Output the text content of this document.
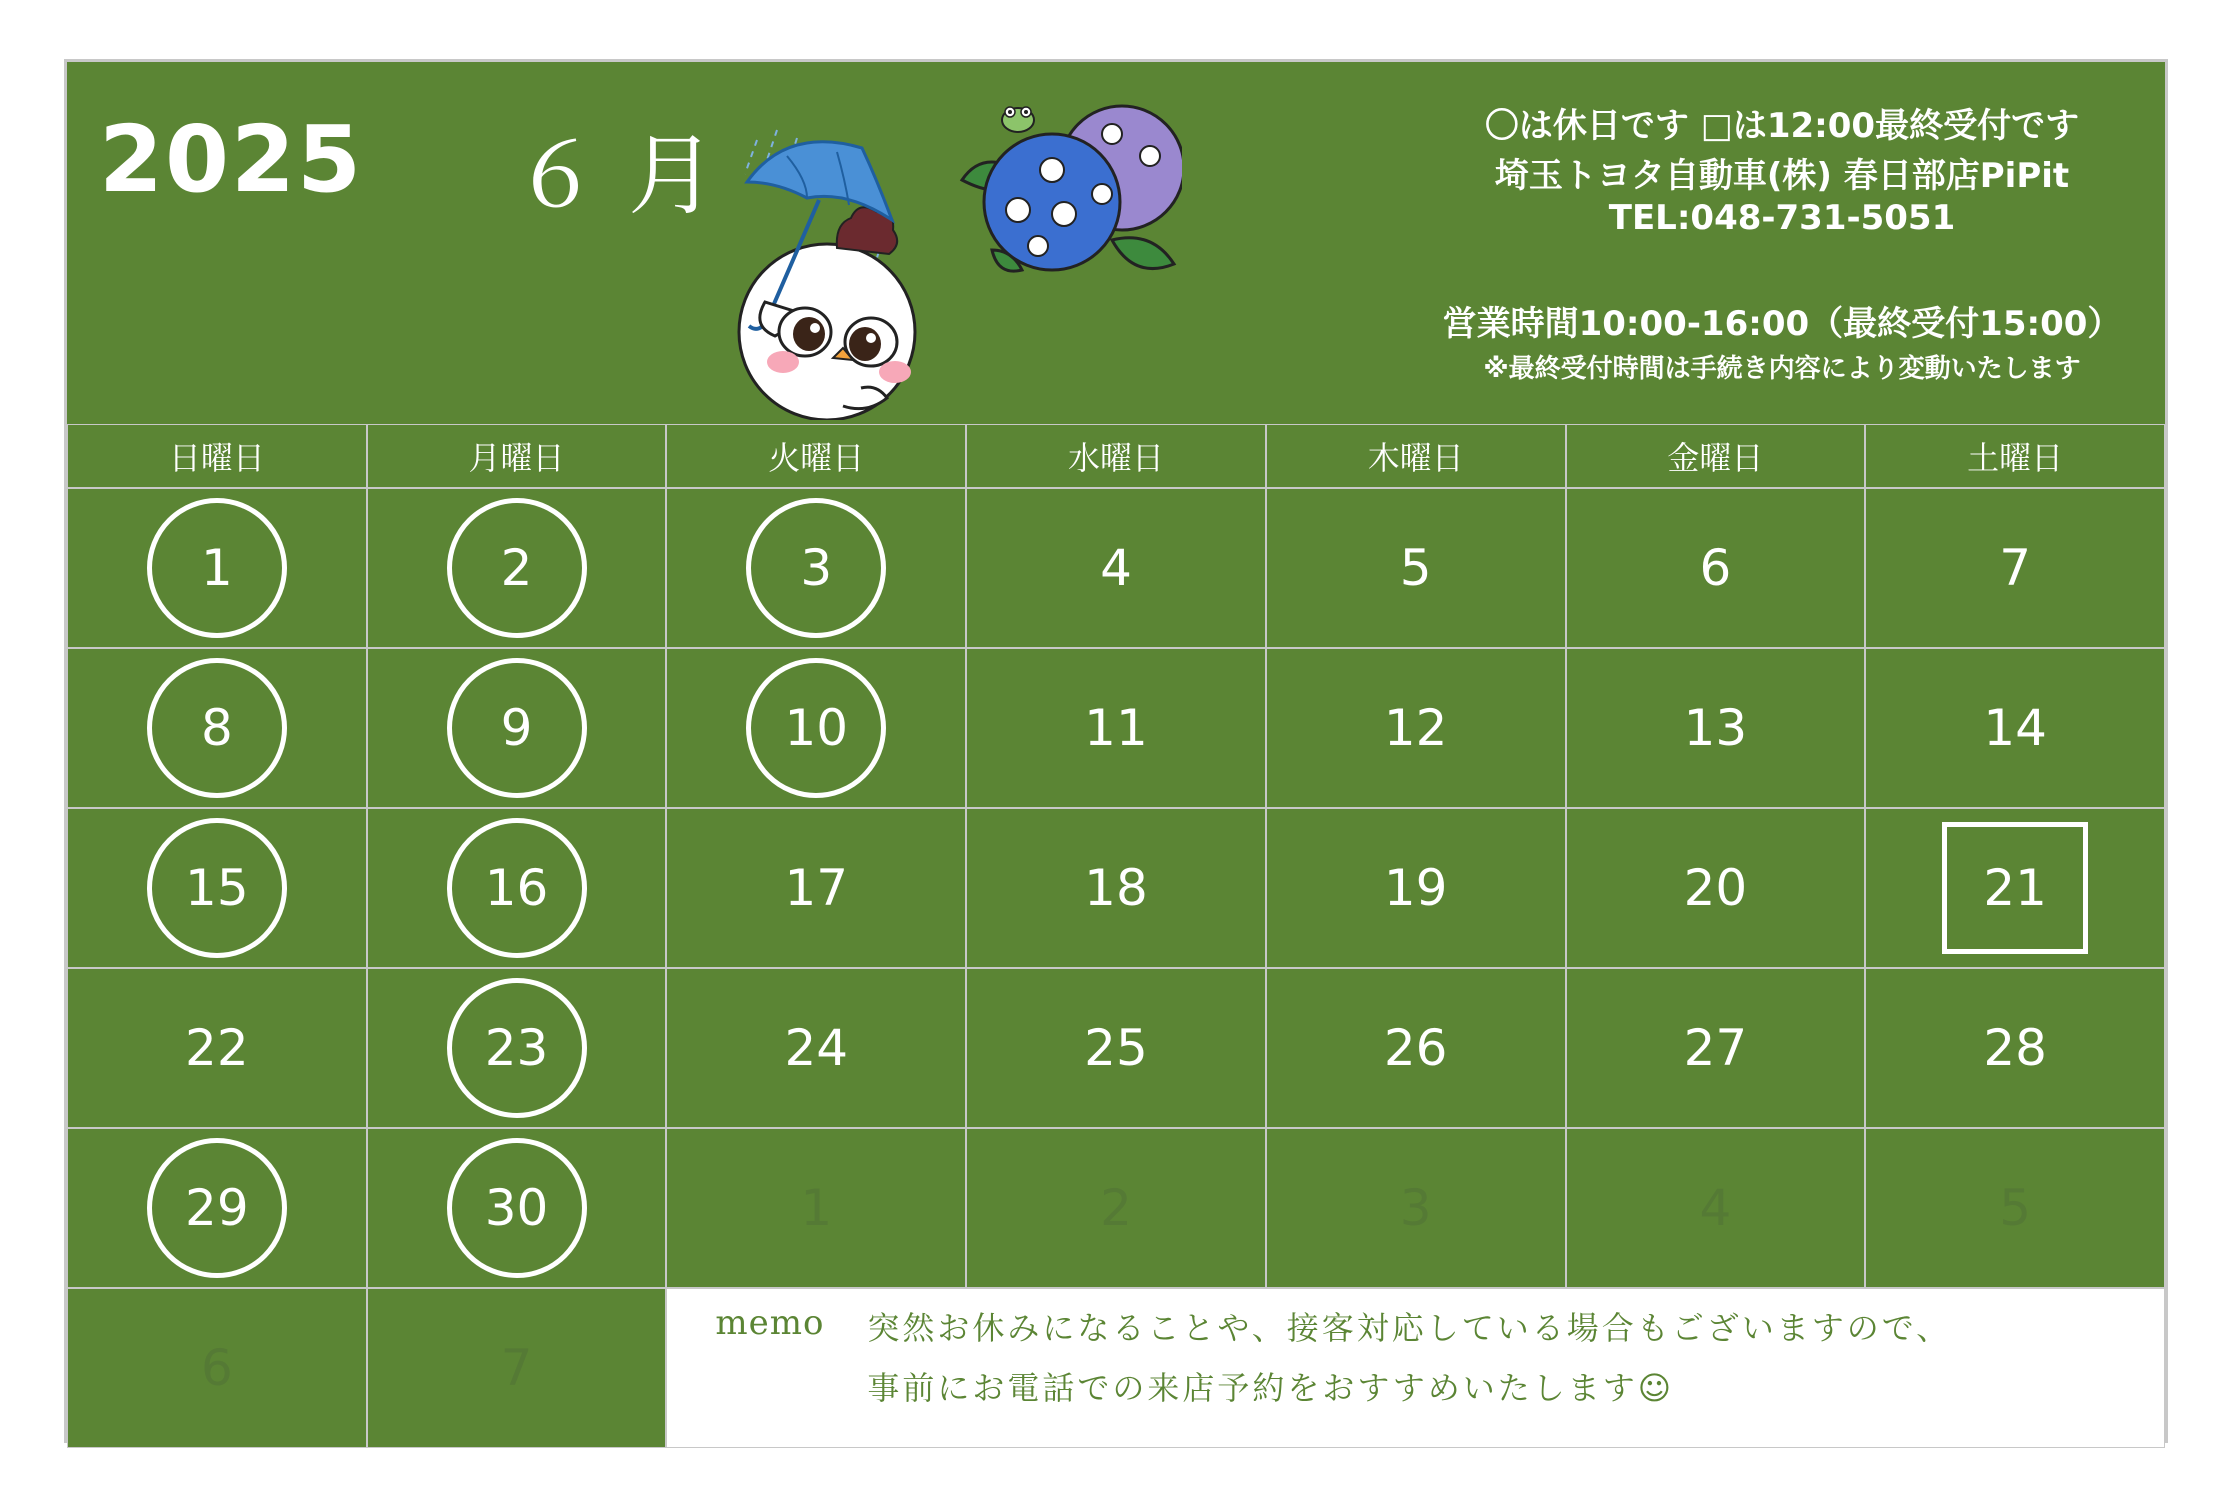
2025 ６ 月	〇は休日です □は12:00最終受付です
埼玉トヨタ自動車(株) 春日部店PiPit
TEL:048-731-5051
営業時間10:00-16:00（最終受付15:00）
※最終受付時間は手続き内容により変動いたします
日曜日	月曜日	火曜日	水曜日	木曜日	金曜日	土曜日
1	2	3	4	5	6	7
8	9	10	11	12	13	14
15	16	17	18	19	20	21
22	23	24	25	26	27	28
29	30	1	2	3	4	5
6	7
memo 突然お休みになることや、接客対応している場合もございますので、
事前にお電話での来店予約をおすすめいたします☺
